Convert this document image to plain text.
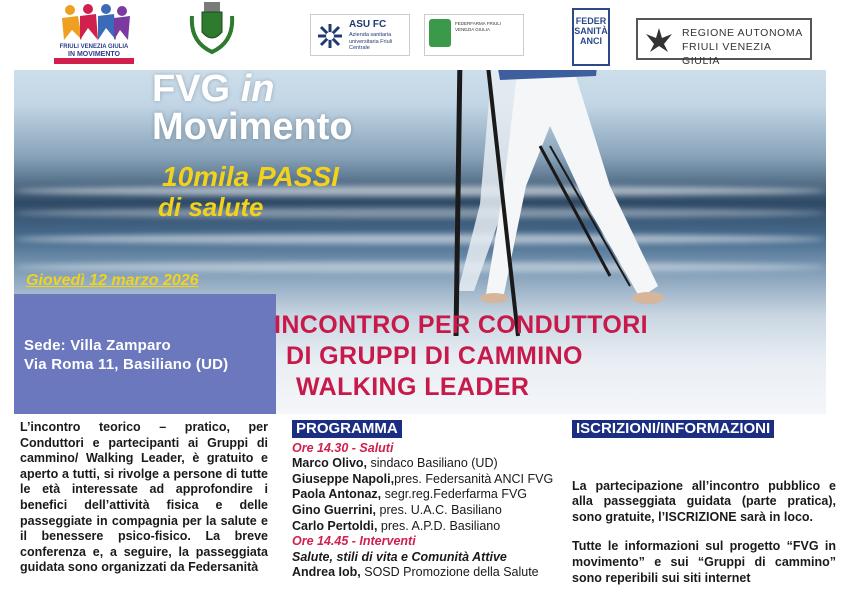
FRIULI VENEZIA GIULIA
IN MOVIMENTO
ASU FC
Azienda sanitaria universitaria Friuli Centrale
FEDERFARMA FRIULI VENEZIA GIULIA
FEDER
SANITÀ
ANCI
REGIONE AUTONOMA
FRIULI VENEZIA GIULIA
FVG in
Movimento
10mila PASSI
di salute
Giovedì 12 marzo 2026
Sede: Villa Zamparo
Via Roma 11, Basiliano (UD)
INCONTRO PER CONDUTTORI
DI GRUPPI DI CAMMINO
WALKING LEADER
L’incontro teorico – pratico, per Conduttori e partecipanti ai Gruppi di cammino/ Walking Leader, è gratuito e aperto a tutti, si rivolge a persone di tutte le età interessate ad approfondire i benefici dell’attività fisica e delle passeggiate in compagnia per la salute e il benessere psico-fisico. La breve conferenza e, a seguire, la passeggiata guidata sono organizzati da Federsanità
PROGRAMMA
Ore 14.30 - Saluti
Marco Olivo, sindaco Basiliano (UD)
Giuseppe Napoli,pres. Federsanità ANCI FVG
Paola Antonaz, segr.reg.Federfarma FVG
Gino Guerrini, pres. U.A.C. Basiliano
Carlo Pertoldi, pres. A.P.D. Basiliano
Ore 14.45 - Interventi
Salute, stili di vita e Comunità Attive
Andrea Iob, SOSD Promozione della Salute
ISCRIZIONI/INFORMAZIONI
La partecipazione all’incontro pubblico e alla passeggiata guidata (parte pratica), sono gratuite, l’ISCRIZIONE sarà in loco.
Tutte le informazioni sul progetto “FVG in movimento” e sui “Gruppi di cammino” sono reperibili sui siti internet
